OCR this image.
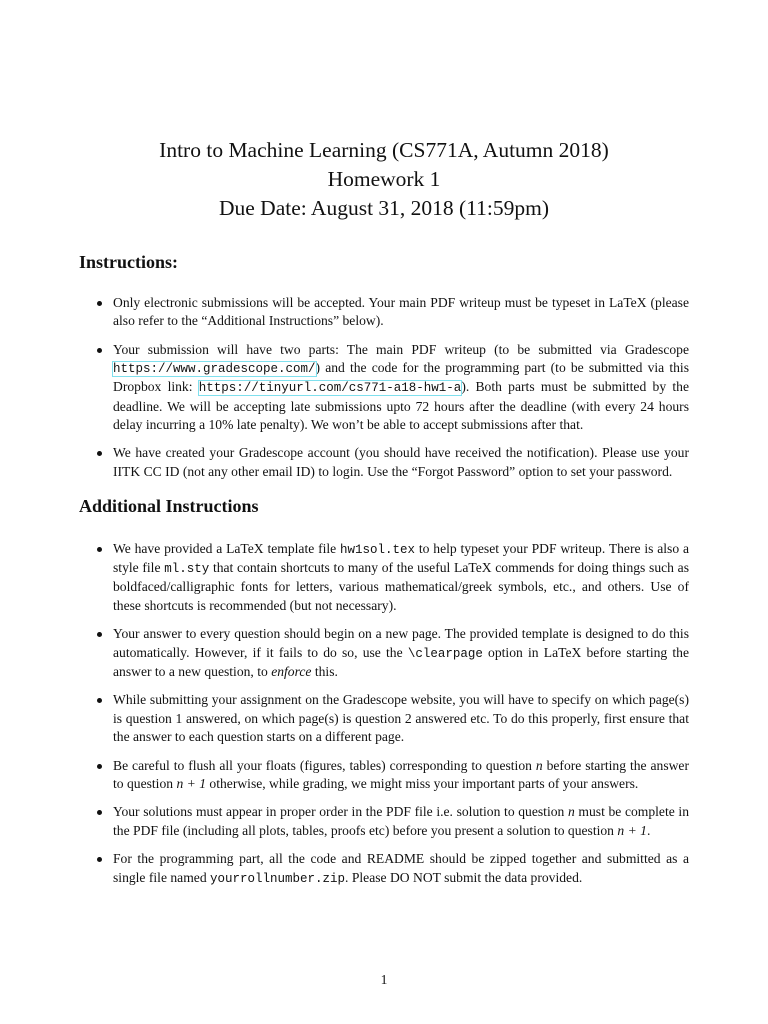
Intro to Machine Learning (CS771A, Autumn 2018)
Homework 1
Due Date: August 31, 2018 (11:59pm)
Instructions:
Only electronic submissions will be accepted. Your main PDF writeup must be typeset in LaTeX (please also refer to the “Additional Instructions” below).
Your submission will have two parts: The main PDF writeup (to be submitted via Gradescope https://www.gradescope.com/) and the code for the programming part (to be submitted via this Dropbox link: https://tinyurl.com/cs771-a18-hw1-a). Both parts must be submitted by the deadline. We will be accepting late submissions upto 72 hours after the deadline (with every 24 hours delay incurring a 10% late penalty). We won’t be able to accept submissions after that.
We have created your Gradescope account (you should have received the notification). Please use your IITK CC ID (not any other email ID) to login. Use the “Forgot Password” option to set your password.
Additional Instructions
We have provided a LaTeX template file hw1sol.tex to help typeset your PDF writeup. There is also a style file ml.sty that contain shortcuts to many of the useful LaTeX commends for doing things such as boldfaced/calligraphic fonts for letters, various mathematical/greek symbols, etc., and others. Use of these shortcuts is recommended (but not necessary).
Your answer to every question should begin on a new page. The provided template is designed to do this automatically. However, if it fails to do so, use the \clearpage option in LaTeX before starting the answer to a new question, to enforce this.
While submitting your assignment on the Gradescope website, you will have to specify on which page(s) is question 1 answered, on which page(s) is question 2 answered etc. To do this properly, first ensure that the answer to each question starts on a different page.
Be careful to flush all your floats (figures, tables) corresponding to question n before starting the answer to question n + 1 otherwise, while grading, we might miss your important parts of your answers.
Your solutions must appear in proper order in the PDF file i.e. solution to question n must be complete in the PDF file (including all plots, tables, proofs etc) before you present a solution to question n + 1.
For the programming part, all the code and README should be zipped together and submitted as a single file named yourrollnumber.zip. Please DO NOT submit the data provided.
1
